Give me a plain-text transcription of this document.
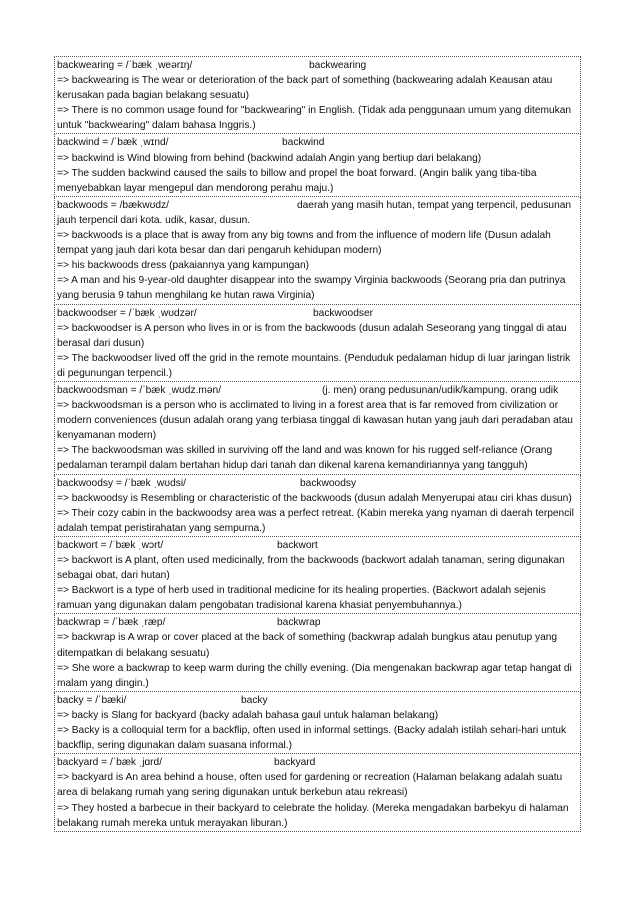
backwearing = /ˈbæk ˌweərɪŋ/	backwearing
=> backwearing is The wear or deterioration of the back part of something (backwearing adalah Keausan atau kerusakan pada bagian belakang sesuatu)
=> There is no common usage found for "backwearing" in English. (Tidak ada penggunaan umum yang ditemukan untuk "backwearing" dalam bahasa Inggris.)
backwind = /ˈbæk ˌwɪnd/	backwind
=> backwind is Wind blowing from behind (backwind adalah Angin yang bertiup dari belakang)
=> The sudden backwind caused the sails to billow and propel the boat forward. (Angin balik yang tiba-tiba menyebabkan layar mengepul dan mendorong perahu maju.)
backwoods = /bækwʊdz/	daerah yang masih hutan, tempat yang terpencil, pedusunan jauh terpencil dari kota. udik, kasar, dusun.
=> backwoods is a place that is away from any big towns and from the influence of modern life (Dusun adalah tempat yang jauh dari kota besar dan dari pengaruh kehidupan modern)
=> his backwoods dress (pakaiannya yang kampungan)
=> A man and his 9-year-old daughter disappear into the swampy Virginia backwoods (Seorang pria dan putrinya yang berusia 9 tahun menghilang ke hutan rawa Virginia)
backwoodser = /ˈbæk ˌwʊdzər/	backwoodser
=> backwoodser is A person who lives in or is from the backwoods (dusun adalah Seseorang yang tinggal di atau berasal dari dusun)
=> The backwoodser lived off the grid in the remote mountains. (Penduduk pedalaman hidup di luar jaringan listrik di pegunungan terpencil.)
backwoodsman = /ˈbæk ˌwʊdz.mən/	(j. men) orang pedusunan/udik/kampung. orang udik
=> backwoodsman is a person who is acclimated to living in a forest area that is far removed from civilization or modern conveniences (dusun adalah orang yang terbiasa tinggal di kawasan hutan yang jauh dari peradaban atau kenyamanan modern)
=> The backwoodsman was skilled in surviving off the land and was known for his rugged self-reliance (Orang pedalaman terampil dalam bertahan hidup dari tanah dan dikenal karena kemandiriannya yang tangguh)
backwoodsy = /ˈbæk ˌwʊdsi/	backwoodsy
=> backwoodsy is Resembling or characteristic of the backwoods (dusun adalah Menyerupai atau ciri khas dusun)
=> Their cozy cabin in the backwoodsy area was a perfect retreat. (Kabin mereka yang nyaman di daerah terpencil adalah tempat peristirahatan yang sempurna.)
backwort = /ˈbæk ˌwɔrt/	backwort
=> backwort is A plant, often used medicinally, from the backwoods (backwort adalah tanaman, sering digunakan sebagai obat, dari hutan)
=> Backwort is a type of herb used in traditional medicine for its healing properties. (Backwort adalah sejenis ramuan yang digunakan dalam pengobatan tradisional karena khasiat penyembuhannya.)
backwrap = /ˈbæk ˌræp/	backwrap
=> backwrap is A wrap or cover placed at the back of something (backwrap adalah bungkus atau penutup yang ditempatkan di belakang sesuatu)
=> She wore a backwrap to keep warm during the chilly evening. (Dia mengenakan backwrap agar tetap hangat di malam yang dingin.)
backy = /ˈbæki/	backy
=> backy is Slang for backyard (backy adalah bahasa gaul untuk halaman belakang)
=> Backy is a colloquial term for a backflip, often used in informal settings. (Backy adalah istilah sehari-hari untuk backflip, sering digunakan dalam suasana informal.)
backyard = /ˈbæk ˌjɑrd/	backyard
=> backyard is An area behind a house, often used for gardening or recreation (Halaman belakang adalah suatu area di belakang rumah yang sering digunakan untuk berkebun atau rekreasi)
=> They hosted a barbecue in their backyard to celebrate the holiday. (Mereka mengadakan barbekyu di halaman belakang rumah mereka untuk merayakan liburan.)
